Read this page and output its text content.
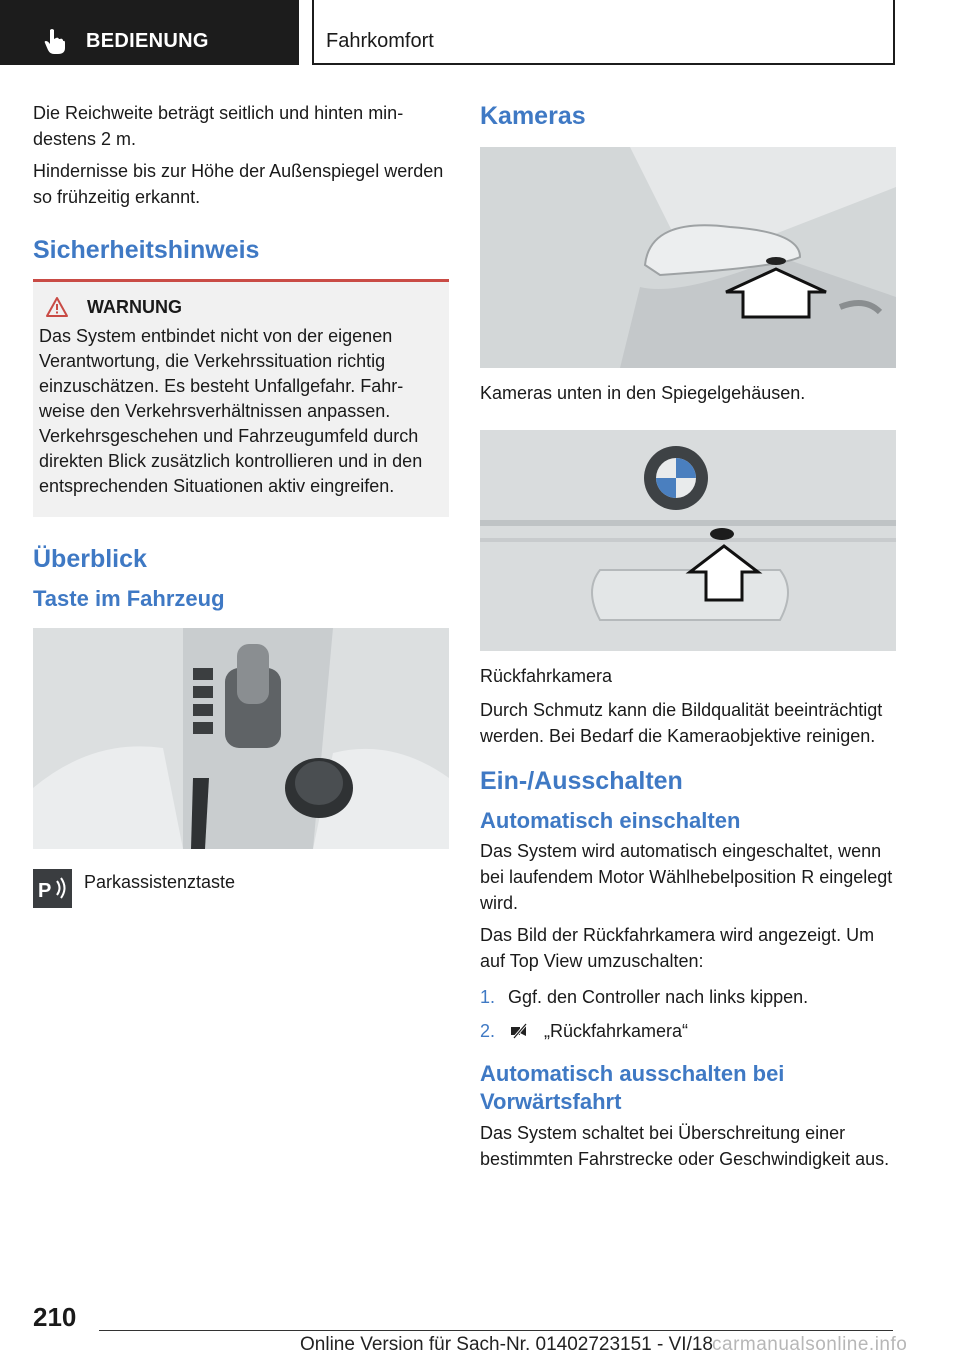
BEDIENUNG	Fahrkomfort

Die Reichweite beträgt seitlich und hinten mindestens 2 m.

Hindernisse bis zur Höhe der Außenspiegel werden so frühzeitig erkannt.

Sicherheitshinweis
WARNUNG

Das System entbindet nicht von der eigenen Verantwortung, die Verkehrssituation richtig einzuschätzen. Es besteht Unfallgefahr. Fahrweise den Verkehrsverhältnissen anpassen. Verkehrsgeschehen und Fahrzeugumfeld durch direkten Blick zusätzlich kontrollieren und in den entsprechenden Situationen aktiv eingreifen.

Überblick
Taste im Fahrzeug
P Parkassistenztaste
Kameras

Kameras unten in den Spiegelgehäusen.

Rückfahrkamera

Durch Schmutz kann die Bildqualität beeinträchtigt werden. Bei Bedarf die Kameraobjektive reinigen.

Ein-/Ausschalten
Automatisch einschalten

Das System wird automatisch eingeschaltet, wenn bei laufendem Motor Wählhebelposition R eingelegt wird.

Das Bild der Rückfahrkamera wird angezeigt. Um auf Top View umzuschalten:

1. Ggf. den Controller nach links kippen.
2.	„Rückfahrkamera“
Automatisch ausschalten bei Vorwärtsfahrt

Das System schaltet bei Überschreitung einer bestimmten Fahrstrecke oder Geschwindigkeit aus.

210
Online Version für Sach-Nr. 01402723151 - VI/18 carmanualsonline.info
